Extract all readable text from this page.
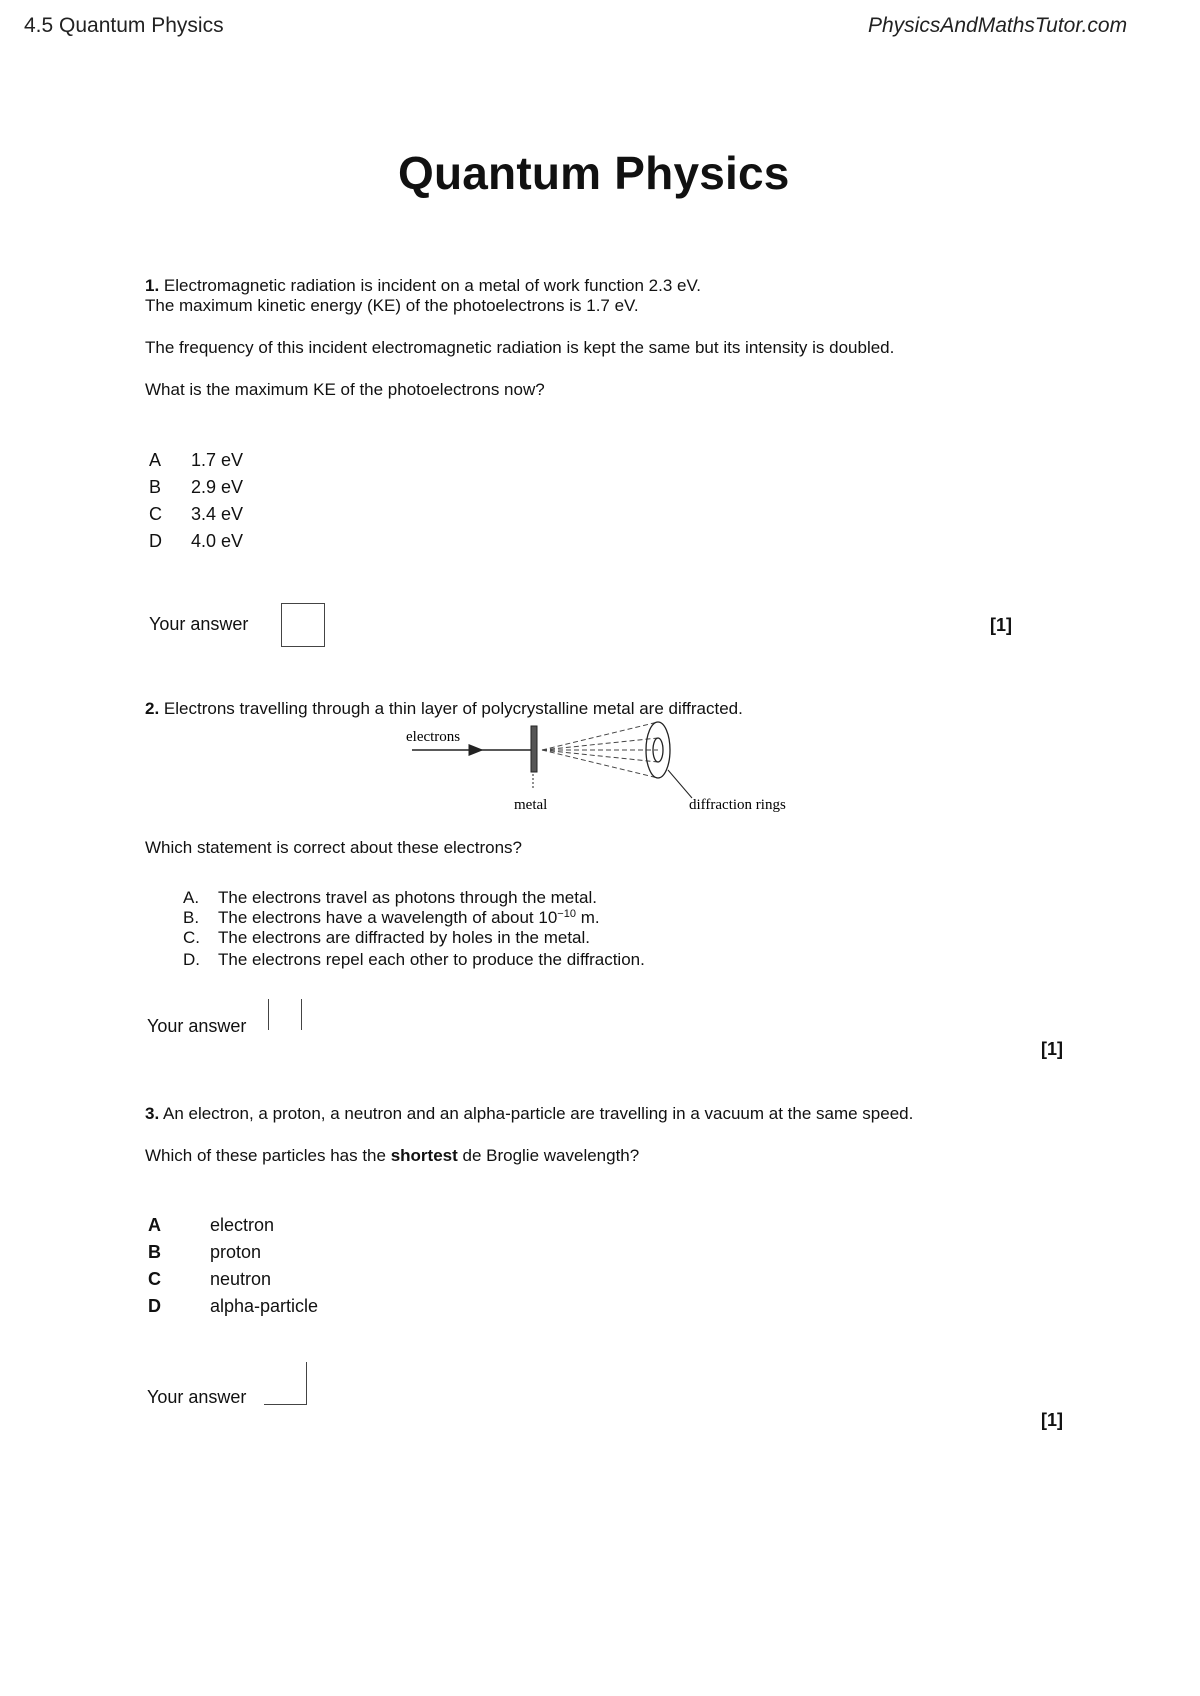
4.5 Quantum Physics	PhysicsAndMathsTutor.com
Quantum Physics
1. Electromagnetic radiation is incident on a metal of work function 2.3 eV.
The maximum kinetic energy (KE) of the photoelectrons is 1.7 eV.
The frequency of this incident electromagnetic radiation is kept the same but its intensity is doubled.
What is the maximum KE of the photoelectrons now?
A 1.7 eV
B 2.9 eV
C 3.4 eV
D 4.0 eV
Your answer	[1]
2. Electrons travelling through a thin layer of polycrystalline metal are diffracted.
electrons
metal	diffraction rings
Which statement is correct about these electrons?
A. The electrons travel as photons through the metal.
B. The electrons have a wavelength of about $10^{-10}$ m.
C. The electrons are diffracted by holes in the metal.
D. The electrons repel each other to produce the diffraction.
Your answer
[1]
3. An electron, a proton, a neutron and an alpha-particle are travelling in a vacuum at the same speed.
Which of these particles has the shortest de Broglie wavelength?
A	electron
B	proton
C	neutron
D	alpha-particle
Your answer
[1]
